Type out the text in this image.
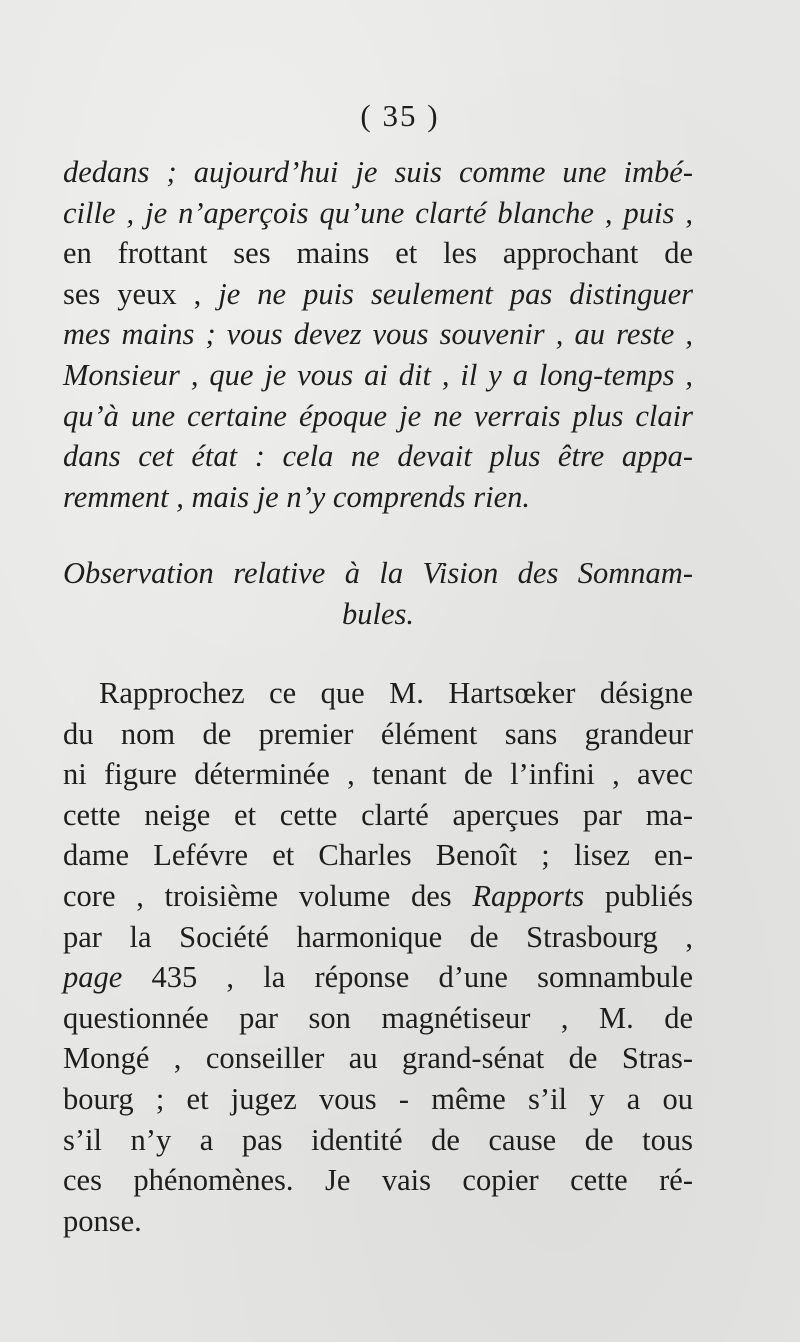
( 35 )
dedans ; aujourd’hui je suis comme une imbé-
cille , je n’aperçois qu’une clarté blanche , puis ,
en frottant ses mains et les approchant de
ses yeux , je ne puis seulement pas distinguer
mes mains ; vous devez vous souvenir , au reste ,
Monsieur , que je vous ai dit , il y a long-temps ,
qu’à une certaine époque je ne verrais plus clair
dans cet état : cela ne devait plus être appa-
remment , mais je n’y comprends rien.
Observation relative à la Vision des Somnam-
bules.
Rapprochez ce que M. Hartsœker désigne
du nom de premier élément sans grandeur
ni figure déterminée , tenant de l’infini , avec
cette neige et cette clarté aperçues par ma-
dame Lefévre et Charles Benoît ; lisez en-
core , troisième volume des Rapports publiés
par la Société harmonique de Strasbourg ,
page 435 , la réponse d’une somnambule
questionnée par son magnétiseur , M. de
Mongé , conseiller au grand-sénat de Stras-
bourg ; et jugez vous - même s’il y a ou
s’il n’y a pas identité de cause de tous
ces phénomènes. Je vais copier cette ré-
ponse.
